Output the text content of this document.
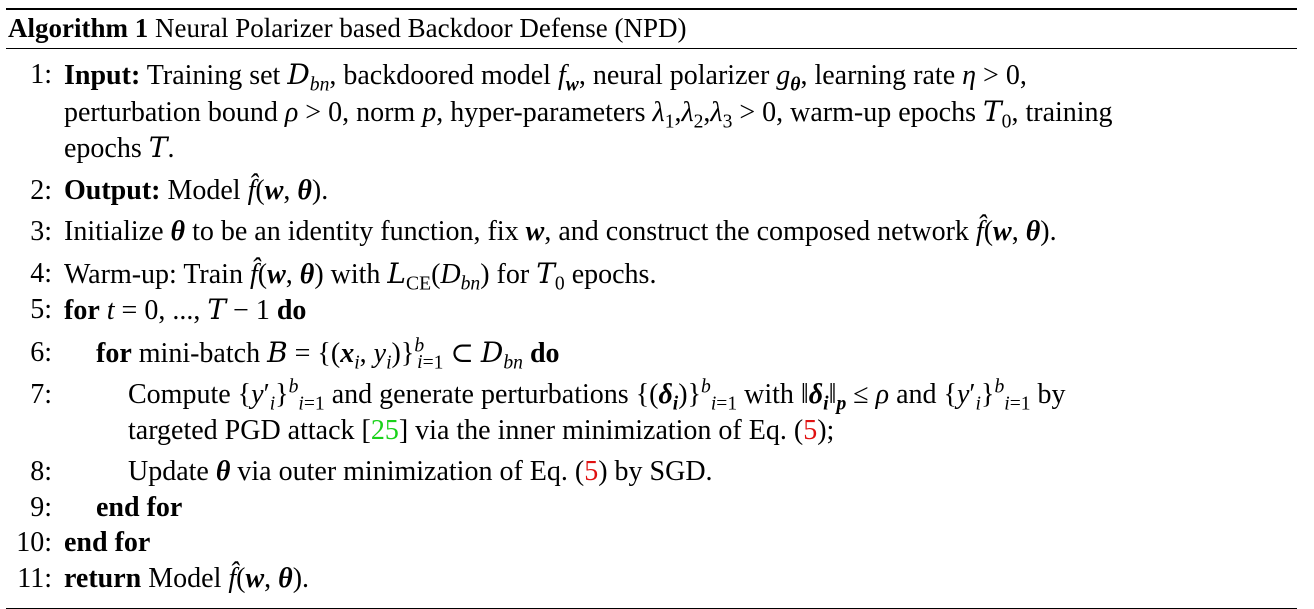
Algorithm 1 Neural Polarizer based Backdoor Defense (NPD)
1: Input: Training set $D_{bn}$, backdoored model $f_w$, neural polarizer $g_\theta$, learning rate η > 0,
perturbation bound ρ > 0, norm p, hyper-parameters $\lambda_1,\lambda_2,\lambda_3 > 0$, warm-up epochs $T_0$, training
epochs T.
2: Output: Model f̂(w, θ).
3: Initialize θ to be an identity function, fix w, and construct the composed network f̂(w, θ).
4: Warm-up: Train f̂(w, θ) with $L_{CE}(D_{bn})$ for $T_0$ epochs.
5: for t = 0, ..., T − 1 do
6: for mini-batch $B = \{(x_i$, $y_i)\}^b_{i=1}$ ⊂ $D_{bn}$ do
7:	Compute $\{y'_i\}^b_{i=1}$ and generate perturbations $\{(\delta_i)\}^b_{i=1}$ with $‖\delta_i‖_p \le \rho$ and $\{y'_i\}^b_{i=1}$ by
targeted PGD attack [25] via the inner minimization of Eq. (5);
8:	Update θ via outer minimization of Eq. (5) by SGD.
9: end for
10: end for
11: return Model f̂(w, θ).
